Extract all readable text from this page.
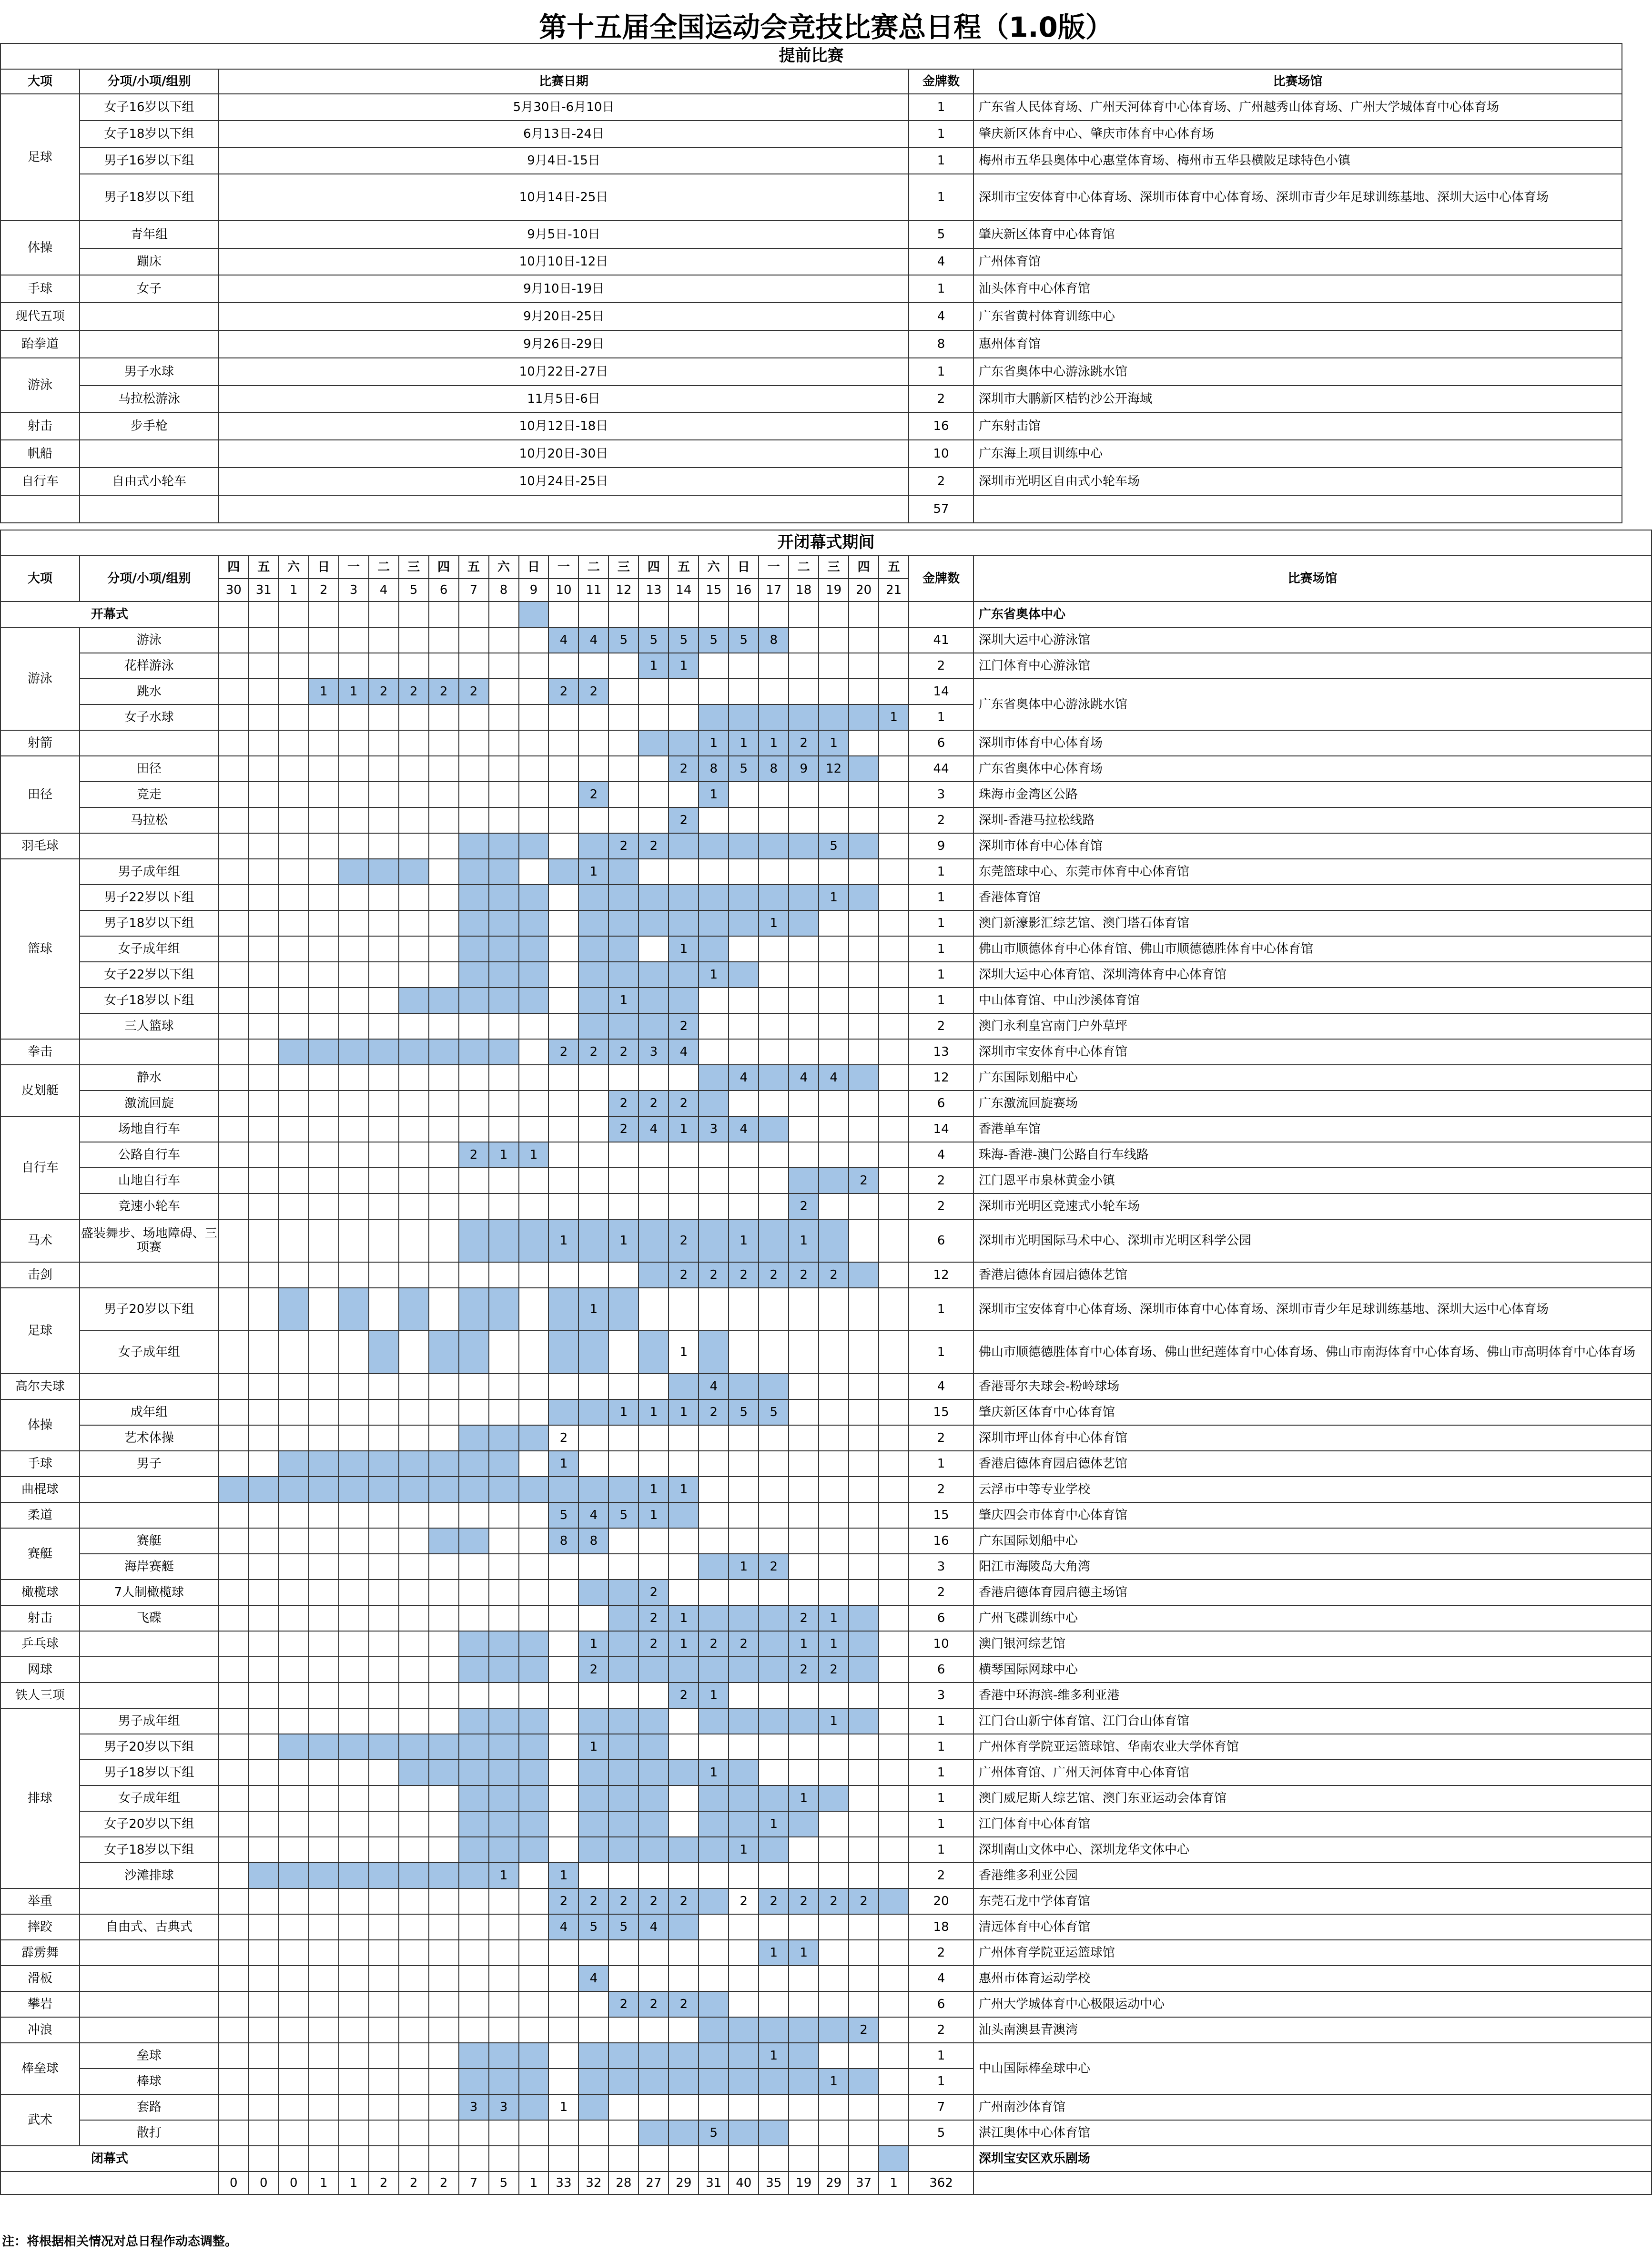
第十五届全国运动会竞技比赛总日程（1.0版）
提前比赛				
大项	分项/小项/组别	比赛日期	金牌数	比赛场馆
足球	女子16岁以下组	5月30日-6月10日	1	广东省人民体育场、广州天河体育中心体育场、广州越秀山体育场、广州大学城体育中心体育场
	女子18岁以下组	6月13日-24日	1	肇庆新区体育中心、肇庆市体育中心体育场
	男子16岁以下组	9月4日-15日	1	梅州市五华县奥体中心惠堂体育场、梅州市五华县横陂足球特色小镇
	男子18岁以下组	10月14日-25日	1	深圳市宝安体育中心体育场、深圳市体育中心体育场、深圳市青少年足球训练基地、深圳大运中心体育场
体操	青年组	9月5日-10日	5	肇庆新区体育中心体育馆
	蹦床	10月10日-12日	4	广州体育馆
手球	女子	9月10日-19日	1	汕头体育中心体育馆
现代五项		9月20日-25日	4	广东省黄村体育训练中心
跆拳道		9月26日-29日	8	惠州体育馆
游泳	男子水球	10月22日-27日	1	广东省奥体中心游泳跳水馆
	马拉松游泳	11月5日-6日	2	深圳市大鹏新区桔钓沙公开海域
射击	步手枪	10月12日-18日	16	广东射击馆
帆船		10月20日-30日	10	广东海上项目训练中心
自行车	自由式小轮车	10月24日-25日	2	深圳市光明区自由式小轮车场
			57	
开闭幕式期间																										
大项	分项/小项/组别	四	五	六	日	一	二	三	四	五	六	日	一	二	三	四	五	六	日	一	二	三	四	五	金牌数	比赛场馆
		30	31	1	2	3	4	5	6	7	8	9	10	11	12	13	14	15	16	17	18	19	20	21		
开幕式																										广东省奥体中心
游泳	游泳												4	4	5	5	5	5	5	8					41	深圳大运中心游泳馆
	花样游泳															1	1								2	江门体育中心游泳馆
	跳水				1	1	2	2	2	2			2	2											14	广东省奥体中心游泳跳水馆
	女子水球																							1	1	
射箭																		1	1	1	2	1			6	深圳市体育中心体育场
田径	田径																2	8	5	8	9	12			44	广东省奥体中心体育场
	竞走													2				1							3	珠海市金湾区公路
	马拉松																2								2	深圳-香港马拉松线路
羽毛球															2	2						5			9	深圳市体育中心体育馆
篮球	男子成年组													1											1	东莞篮球中心、东莞市体育中心体育馆
	男子22岁以下组																					1			1	香港体育馆
	男子18岁以下组																			1					1	澳门新濠影汇综艺馆、澳门塔石体育馆
	女子成年组																1								1	佛山市顺德体育中心体育馆、佛山市顺德德胜体育中心体育馆
	女子22岁以下组																	1							1	深圳大运中心体育馆、深圳湾体育中心体育馆
	女子18岁以下组														1										1	中山体育馆、中山沙溪体育馆
	三人篮球																2								2	澳门永利皇宫南门户外草坪
拳击													2	2	2	3	4								13	深圳市宝安体育中心体育馆
皮划艇	静水																		4		4	4			12	广东国际划船中心
	激流回旋														2	2	2								6	广东激流回旋赛场
自行车	场地自行车														2	4	1	3	4						14	香港单车馆
	公路自行车									2	1	1													4	珠海-香港-澳门公路自行车线路
	山地自行车																						2		2	江门恩平市泉林黄金小镇
	竞速小轮车																				2				2	深圳市光明区竞速式小轮车场
马术	盛装舞步、场地障碍、三项赛												1		1		2		1		1				6	深圳市光明国际马术中心、深圳市光明区科学公园
击剑																	2	2	2	2	2	2			12	香港启德体育园启德体艺馆
足球	男子20岁以下组													1											1	深圳市宝安体育中心体育场、深圳市体育中心体育场、深圳市青少年足球训练基地、深圳大运中心体育场
	女子成年组																1								1	佛山市顺德德胜体育中心体育场、佛山世纪莲体育中心体育场、佛山市南海体育中心体育场、佛山市高明体育中心体育场
高尔夫球																		4							4	香港哥尔夫球会-粉岭球场
体操	成年组														1	1	1	2	5	5					15	肇庆新区体育中心体育馆
	艺术体操												2												2	深圳市坪山体育中心体育馆
手球	男子												1												1	香港启德体育园启德体艺馆
曲棍球																1	1								2	云浮市中等专业学校
柔道													5	4	5	1									15	肇庆四会市体育中心体育馆
赛艇	赛艇												8	8											16	广东国际划船中心
	海岸赛艇																		1	2					3	阳江市海陵岛大角湾
橄榄球	7人制橄榄球															2									2	香港启德体育园启德主场馆
射击	飞碟															2	1				2	1			6	广州飞碟训练中心
乒乓球														1		2	1	2	2		1	1			10	澳门银河综艺馆
网球														2							2	2			6	横琴国际网球中心
铁人三项																	2	1							3	香港中环海滨-维多利亚港
排球	男子成年组																					1			1	江门台山新宁体育馆、江门台山体育馆
	男子20岁以下组													1											1	广州体育学院亚运篮球馆、华南农业大学体育馆
	男子18岁以下组																	1							1	广州体育馆、广州天河体育中心体育馆
	女子成年组																				1				1	澳门威尼斯人综艺馆、澳门东亚运动会体育馆
	女子20岁以下组																			1					1	江门体育中心体育馆
	女子18岁以下组																		1						1	深圳南山文体中心、深圳龙华文体中心
	沙滩排球										1		1												2	香港维多利亚公园
举重													2	2	2	2	2		2	2	2	2	2		20	东莞石龙中学体育馆
摔跤	自由式、古典式												4	5	5	4									18	清远体育中心体育馆
霹雳舞																				1	1				2	广州体育学院亚运篮球馆
滑板														4											4	惠州市体育运动学校
攀岩															2	2	2								6	广州大学城体育中心极限运动中心
冲浪																							2		2	汕头南澳县青澳湾
棒垒球	垒球																			1					1	中山国际棒垒球中心
	棒球																					1			1	
武术	套路									3	3		1												7	广州南沙体育馆
	散打																	5							5	湛江奥体中心体育馆
闭幕式																										深圳宝安区欢乐剧场
		0	0	0	1	1	2	2	2	7	5	1	33	32	28	27	29	31	40	35	19	29	37	1	362	
注：将根据相关情况对总日程作动态调整。
